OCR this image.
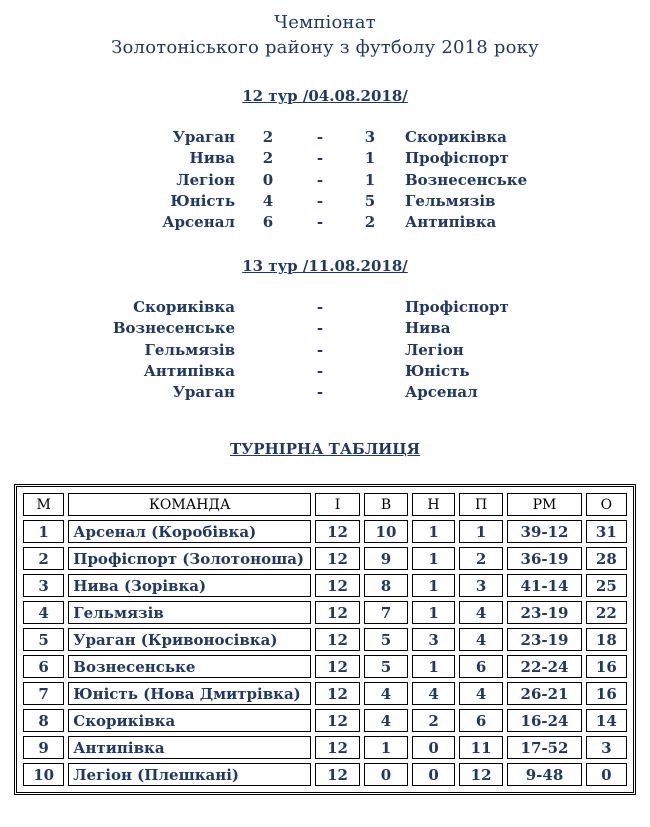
Чемпіонат
Золотоніського району з футболу 2018 року
12 тур /04.08.2018/
Ураган	2	-	3	Скориківка
Нива	2	-	1	Профіспорт
Легіон	0	-	1	Вознесенське
Юність	4	-	5	Гельмязів
Арсенал	6	-	2	Антипівка
13 тур /11.08.2018/
Скориківка	-	Профіспорт
Вознесенське	-	Нива
Гельмязів	-	Легіон
Антипівка	-	Юність
Ураган	-	Арсенал
ТУРНІРНА ТАБЛИЦЯ
М	КОМАНДА	І	В	Н	П	РМ	О
1	Арсенал (Коробівка)	12	10	1	1	39-12	31
2	Профіспорт (Золотоноша)	12	9	1	2	36-19	28
3	Нива (Зорівка)	12	8	1	3	41-14	25
4	Гельмязів	12	7	1	4	23-19	22
5	Ураган (Кривоносівка)	12	5	3	4	23-19	18
6	Вознесенське	12	5	1	6	22-24	16
7	Юність (Нова Дмитрівка)	12	4	4	4	26-21	16
8	Скориківка	12	4	2	6	16-24	14
9	Антипівка	12	1	0	11	17-52	3
10	Легіон (Плешкані)	12	0	0	12	9-48	0
